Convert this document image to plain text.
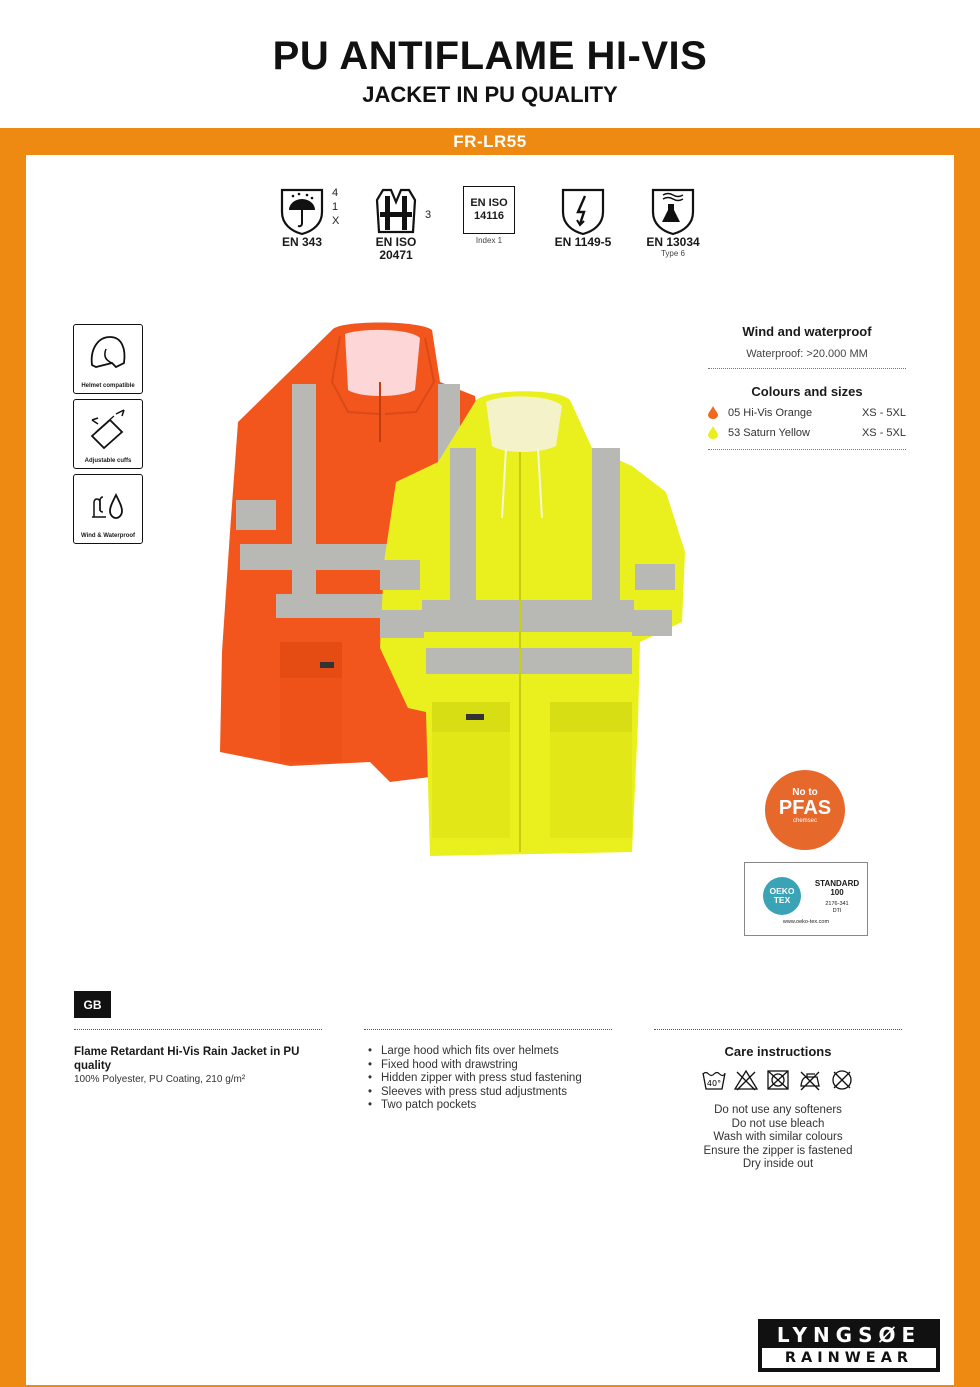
PU ANTIFLAME HI-VIS
JACKET IN PU QUALITY
FR-LR55
EN 343
4
1
X
EN ISO
20471
3
EN ISO
14116
Index 1	EN 1149-5	EN 13034
Type 6
Helmet compatible
Adjustable cuffs
Wind & Waterproof
Wind and waterproof
Waterproof: >20.000 MM
Colours and sizes
05 Hi-Vis Orange	XS - 5XL
53 Saturn Yellow	XS - 5XL
No to
PFAS
chemsec
OEKO TEX
STANDARD
100
2176-341
DTI
www.oeko-tex.com
GB
Flame Retardant Hi-Vis Rain Jacket in PU quality
100% Polyester, PU Coating, 210 g/m²
• Large hood which fits over helmets
• Fixed hood with drawstring
• Hidden zipper with press stud fastening
• Sleeves with press stud adjustments
• Two patch pockets
Care instructions
40°
Do not use any softeners
Do not use bleach
Wash with similar colours
Ensure the zipper is fastened
Dry inside out
LYNGSØE
RAINWEAR
